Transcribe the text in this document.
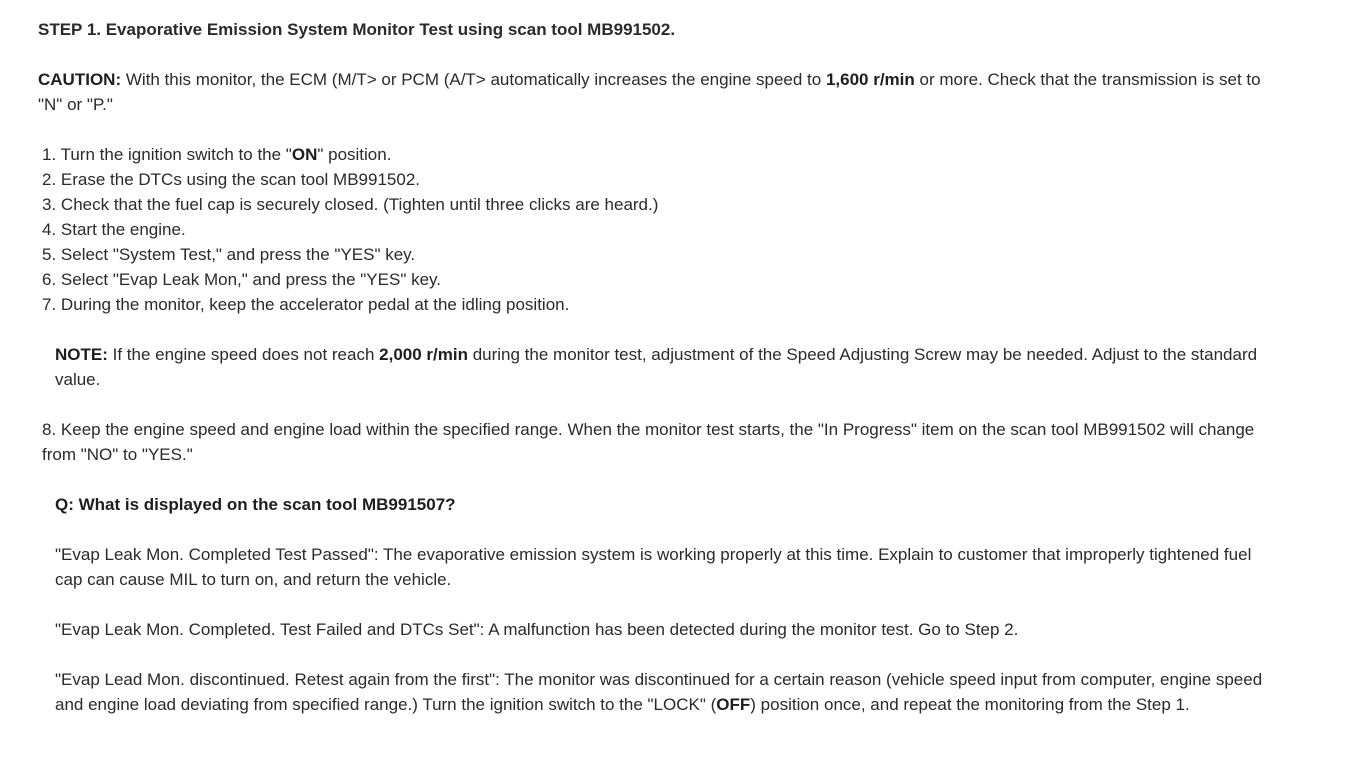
STEP 1. Evaporative Emission System Monitor Test using scan tool MB991502.

CAUTION: With this monitor, the ECM (M/T> or PCM (A/T> automatically increases the engine speed to 1,600 r/min or more. Check that the transmission is set to "N" or "P."

1. Turn the ignition switch to the "ON" position.
2. Erase the DTCs using the scan tool MB991502.
3. Check that the fuel cap is securely closed. (Tighten until three clicks are heard.)
4. Start the engine.
5. Select "System Test," and press the "YES" key.
6. Select "Evap Leak Mon," and press the "YES" key.
7. During the monitor, keep the accelerator pedal at the idling position.

NOTE: If the engine speed does not reach 2,000 r/min during the monitor test, adjustment of the Speed Adjusting Screw may be needed. Adjust to the standard value.

8. Keep the engine speed and engine load within the specified range. When the monitor test starts, the "In Progress" item on the scan tool MB991502 will change from "NO" to "YES."

Q: What is displayed on the scan tool MB991507?

"Evap Leak Mon. Completed Test Passed": The evaporative emission system is working properly at this time. Explain to customer that improperly tightened fuel cap can cause MIL to turn on, and return the vehicle.

"Evap Leak Mon. Completed. Test Failed and DTCs Set": A malfunction has been detected during the monitor test. Go to Step 2.

"Evap Lead Mon. discontinued. Retest again from the first": The monitor was discontinued for a certain reason (vehicle speed input from computer, engine speed and engine load deviating from specified range.) Turn the ignition switch to the "LOCK" (OFF) position once, and repeat the monitoring from the Step 1.
